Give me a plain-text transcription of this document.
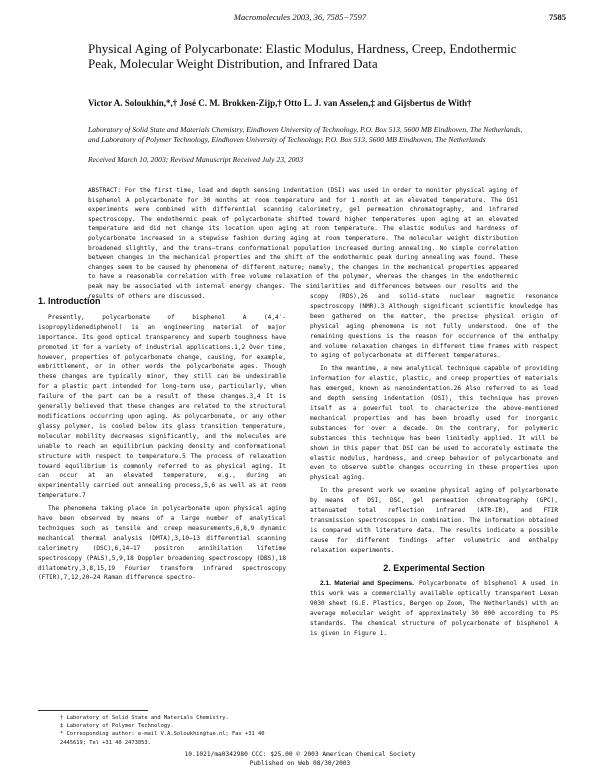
Macromolecules 2003, 36, 7585−7597	7585
Physical Aging of Polycarbonate: Elastic Modulus, Hardness, Creep, Endothermic Peak, Molecular Weight Distribution, and Infrared Data
Victor A. Soloukhin,*,† José C. M. Brokken-Zijp,† Otto L. J. van Asselen,‡ and Gijsbertus de With†
Laboratory of Solid State and Materials Chemistry, Eindhoven University of Technology, P.O. Box 513, 5600 MB Eindhoven, The Netherlands, and Laboratory of Polymer Technology, Eindhoven University of Technology, P.O. Box 513, 5600 MB Eindhoven, The Netherlands
Received March 10, 2003; Revised Manuscript Received July 23, 2003
ABSTRACT: For the first time, load and depth sensing indentation (DSI) was used in order to monitor physical aging of bisphenol A polycarbonate for 30 months at room temperature and for 1 month at an elevated temperature. The DSI experiments were combined with differential scanning calorimetry, gel permeation chromatography, and infrared spectroscopy. The endothermic peak of polycarbonate shifted toward higher temperatures upon aging at an elevated temperature and did not change its location upon aging at room temperature. The elastic modulus and hardness of polycarbonate increased in a stepwise fashion during aging at room temperature. The molecular weight distribution broadened slightly, and the trans−trans conformational population increased during annealing. No simple correlation between changes in the mechanical properties and the shift of the endothermic peak during annealing was found. These changes seem to be caused by phenomena of different nature; namely, the changes in the mechanical properties appeared to have a reasonable correlation with free volume relaxation of the polymer, whereas the changes in the endothermic peak may be associated with internal energy changes. The similarities and differences between our results and the results of others are discussed.
1. Introduction

Presently, polycarbonate of bisphenol A (4,4′-isopropylidenediphenol) is an engineering material of major importance. Its good optical transparency and superb toughness have promoted it for a variety of industrial applications.1,2 Over time, however, properties of polycarbonate change, causing, for example, embrittlement, or in other words the polycarbonate ages. Though these changes are typically minor, they still can be undesirable for a plastic part intended for long-term use, particularly, when failure of the part can be a result of these changes.3,4 It is generally believed that these changes are related to the structural modifications occurring upon aging. As polycarbonate, or any other glassy polymer, is cooled below its glass transition temperature, molecular mobility decreases significantly, and the molecules are unable to reach an equilibrium packing density and conformational structure with respect to temperature.5 The process of relaxation toward equilibrium is commonly referred to as physical aging. It can occur at an elevated temperature, e.g., during an experimentally carried out annealing process,5,6 as well as at room temperature.7

The phenomena taking place in polycarbonate upon physical aging have been observed by means of a large number of analytical techniques such as tensile and creep measurements,6,8,9 dynamic mechanical thermal analysis (DMTA),3,10−13 differential scanning calorimetry (DSC),6,14−17 positron annihilation lifetime spectroscopy (PALS),5,9,18 Doppler broadening spectroscopy (DBS),18 dilatometry,3,8,15,19 Fourier transform infrared spectroscopy (FTIR),7,12,20−24 Raman difference spectro-

scopy (RDS),26 and solid-state nuclear magnetic resonance spectroscopy (NMR).3 Although significant scientific knowledge has been gathered on the matter, the precise physical origin of physical aging phenomena is not fully understood. One of the remaining questions is the reason for occurrence of the enthalpy and volume relaxation changes in different time frames with respect to aging of polycarbonate at different temperatures.

In the meantime, a new analytical technique capable of providing information for elastic, plastic, and creep properties of materials has emerged, known as nanoindentation.26 Also referred to as load and depth sensing indentation (DSI), this technique has proven itself as a powerful tool to characterize the above-mentioned mechanical properties and has been broadly used for inorganic substances for over a decade. On the contrary, for polymeric substances this technique has been limitedly applied. It will be shown in this paper that DSI can be used to accurately estimate the elastic modulus, hardness, and creep behavior of polycarbonate and even to observe subtle changes occurring in these properties upon physical aging.

In the present work we examine physical aging of polycarbonate by means of DSI, DSC, gel permeation chromatography (GPC), attenuated total reflection infrared (ATR-IR), and FTIR transmission spectroscopes in combination. The information obtained is compared with literature data. The results indicate a possible cause for different findings after volumetric and enthalpy relaxation experiments.

2. Experimental Section

2.1. Material and Specimens. Polycarbonate of bisphenol A used in this work was a commercially available optically transparent Lexan 9030 sheet (G.E. Plastics, Bergen op Zoom, The Netherlands) with an average molecular weight of approximately 30 000 according to PS standards. The chemical structure of polycarbonate of bisphenol A is given in Figure 1.

† Laboratory of Solid State and Materials Chemistry.
‡ Laboratory of Polymer Technology.
* Corresponding author: e-mail V.A.Soloukhin@tue.nl; Fax +31 40 2445619; Tel +31 40 2473053.
10.1021/ma0342980 CCC: $25.00 © 2003 American Chemical Society
Published on Web 08/30/2003
